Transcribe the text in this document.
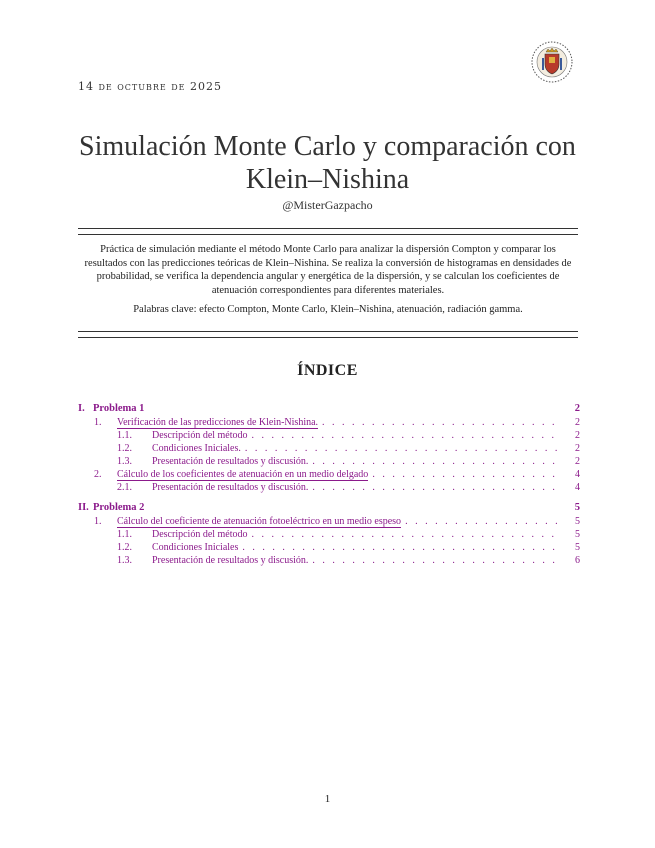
14 de octubre de 2025
Simulación Monte Carlo y comparación con
Klein–Nishina
@MisterGazpacho

Práctica de simulación mediante el método Monte Carlo para analizar la dispersión Compton y comparar los resultados con las predicciones teóricas de Klein–Nishina. Se realiza la conversión de histogramas en densidades de probabilidad, se verifica la dependencia angular y energética de la dispersión, y se calculan los coeficientes de atenuación correspondientes para diferentes materiales.

Palabras clave: efecto Compton, Monte Carlo, Klein–Nishina, atenuación, radiación gamma.

ÍNDICE
I. Problema 1	2
1.	Verificación de las predicciones de Klein-Nishina. . . .	2
1.1.	Descripción del método . . .	2
1.2.	Condiciones Iniciales. . . .	2
1.3.	Presentación de resultados y discusión. . . .	2
2.	Cálculo de los coeficientes de atenuación en un medio delgado . . .	4
2.1.	Presentación de resultados y discusión. . . .	4
II. Problema 2	5
1.	Cálculo del coeficiente de atenuación fotoeléctrico en un medio espeso . . .	5
1.1.	Descripción del método . . .	5
1.2.	Condiciones Iniciales . . .	5
1.3.	Presentación de resultados y discusión. . . .	6
1
